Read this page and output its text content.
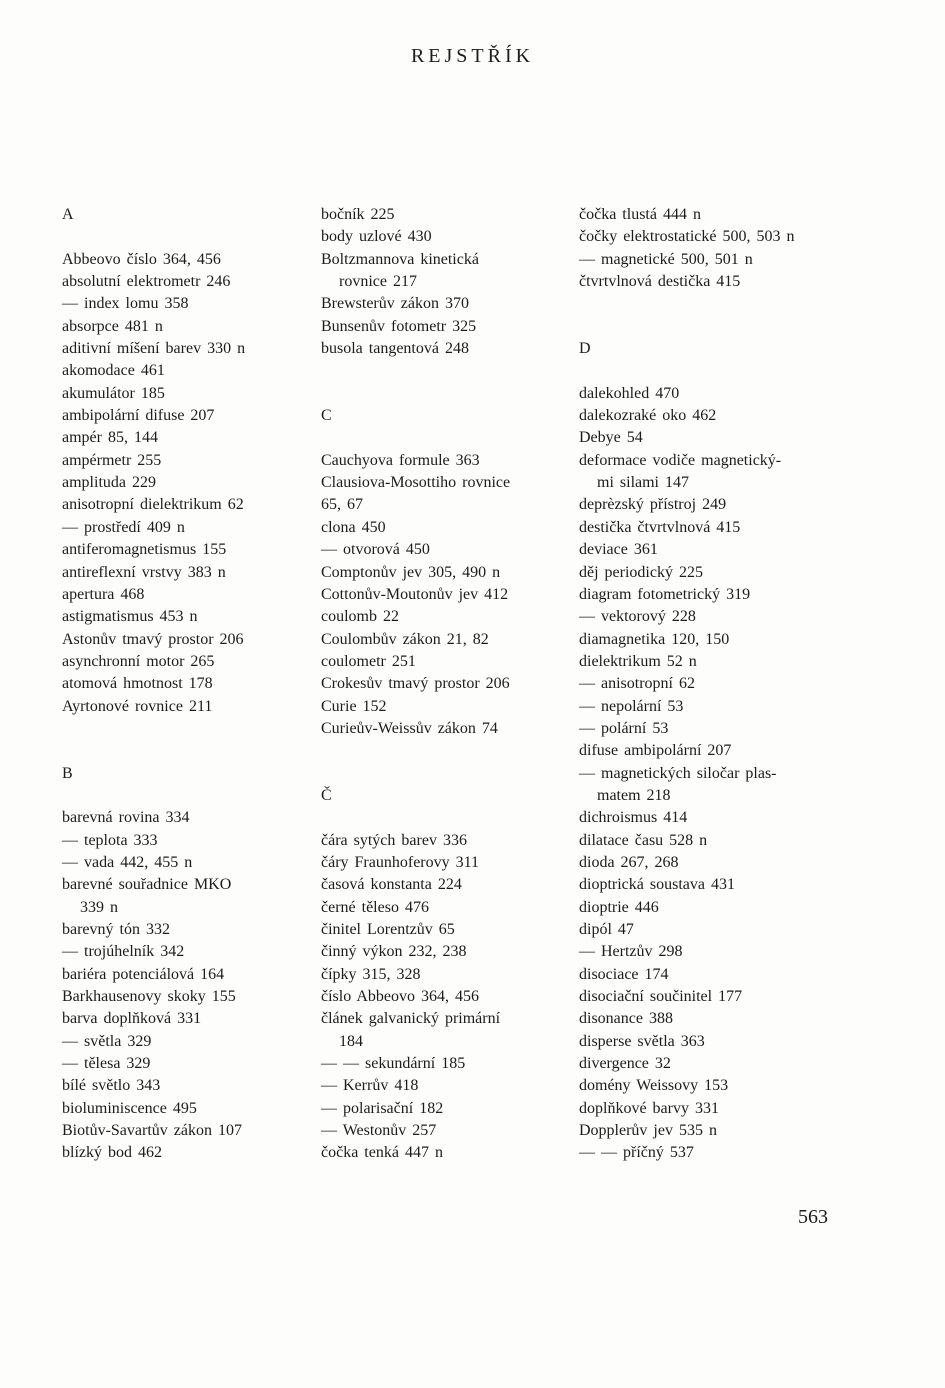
REJSTŘÍK
A
Abbeovo číslo 364, 456
absolutní elektrometr 246
— index lomu 358
absorpce 481 n
aditivní míšení barev 330 n
akomodace 461
akumulátor 185
ambipolární difuse 207
ampér 85, 144
ampérmetr 255
amplituda 229
anisotropní dielektrikum 62
— prostředí 409 n
antiferomagnetismus 155
antireflexní vrstvy 383 n
apertura 468
astigmatismus 453 n
Astonův tmavý prostor 206
asynchronní motor 265
atomová hmotnost 178
Ayrtonové rovnice 211
B
barevná rovina 334
— teplota 333
— vada 442, 455 n
barevné souřadnice MKO
339 n
barevný tón 332
— trojúhelník 342
bariéra potenciálová 164
Barkhausenovy skoky 155
barva doplňková 331
— světla 329
— tělesa 329
bílé světlo 343
bioluminiscence 495
Biotův-Savartův zákon 107
blízký bod 462
bočník 225
body uzlové 430
Boltzmannova kinetická
rovnice 217
Brewsterův zákon 370
Bunsenův fotometr 325
busola tangentová 248
C
Cauchyova formule 363
Clausiova-Mosottiho rovnice
65, 67
clona 450
— otvorová 450
Comptonův jev 305, 490 n
Cottonův-Moutonův jev 412
coulomb 22
Coulombův zákon 21, 82
coulometr 251
Crokesův tmavý prostor 206
Curie 152
Curieův-Weissův zákon 74
Č
čára sytých barev 336
čáry Fraunhoferovy 311
časová konstanta 224
černé těleso 476
činitel Lorentzův 65
činný výkon 232, 238
čípky 315, 328
číslo Abbeovo 364, 456
článek galvanický primární
184
— — sekundární 185
— Kerrův 418
— polarisační 182
— Westonův 257
čočka tenká 447 n
čočka tlustá 444 n
čočky elektrostatické 500, 503 n
— magnetické 500, 501 n
čtvrtvlnová destička 415
D
dalekohled 470
dalekozraké oko 462
Debye 54
deformace vodiče magnetický-
mi silami 147
deprèzský přístroj 249
destička čtvrtvlnová 415
deviace 361
děj periodický 225
diagram fotometrický 319
— vektorový 228
diamagnetika 120, 150
dielektrikum 52 n
— anisotropní 62
— nepolární 53
— polární 53
difuse ambipolární 207
— magnetických siločar plas-
matem 218
dichroismus 414
dilatace času 528 n
dioda 267, 268
dioptrická soustava 431
dioptrie 446
dipól 47
— Hertzův 298
disociace 174
disociační součinitel 177
disonance 388
disperse světla 363
divergence 32
domény Weissovy 153
doplňkové barvy 331
Dopplerův jev 535 n
— — příčný 537
563
